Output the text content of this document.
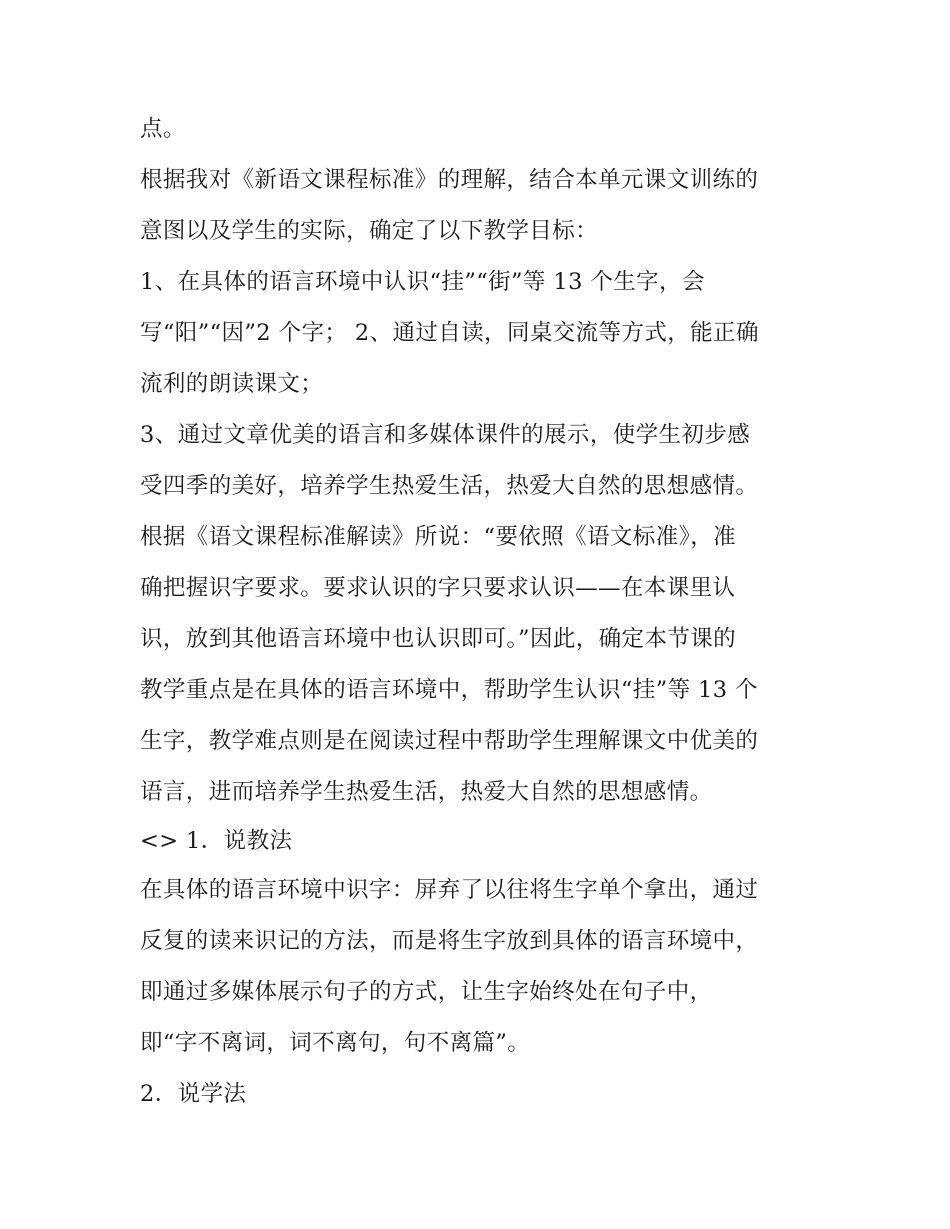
点。
根据我对《新语文课程标准》的理解，结合本单元课文训练的
意图以及学生的实际，确定了以下教学目标：
1、在具体的语言环境中认识“挂”“街”等 13 个生字，会
写“阳”“因”2 个字； 2、通过自读，同桌交流等方式，能正确
流利的朗读课文；
3、通过文章优美的语言和多媒体课件的展示，使学生初步感
受四季的美好，培养学生热爱生活，热爱大自然的思想感情。
根据《语文课程标准解读》所说：“要依照《语文标准》，准
确把握识字要求。要求认识的字只要求认识——在本课里认
识，放到其他语言环境中也认识即可。”因此，确定本节课的
教学重点是在具体的语言环境中，帮助学生认识“挂”等 13 个
生字，教学难点则是在阅读过程中帮助学生理解课文中优美的
语言，进而培养学生热爱生活，热爱大自然的思想感情。
<> 1．说教法
在具体的语言环境中识字：屏弃了以往将生字单个拿出，通过
反复的读来识记的方法，而是将生字放到具体的语言环境中，
即通过多媒体展示句子的方式，让生字始终处在句子中，
即“字不离词，词不离句，句不离篇”。
2．说学法
